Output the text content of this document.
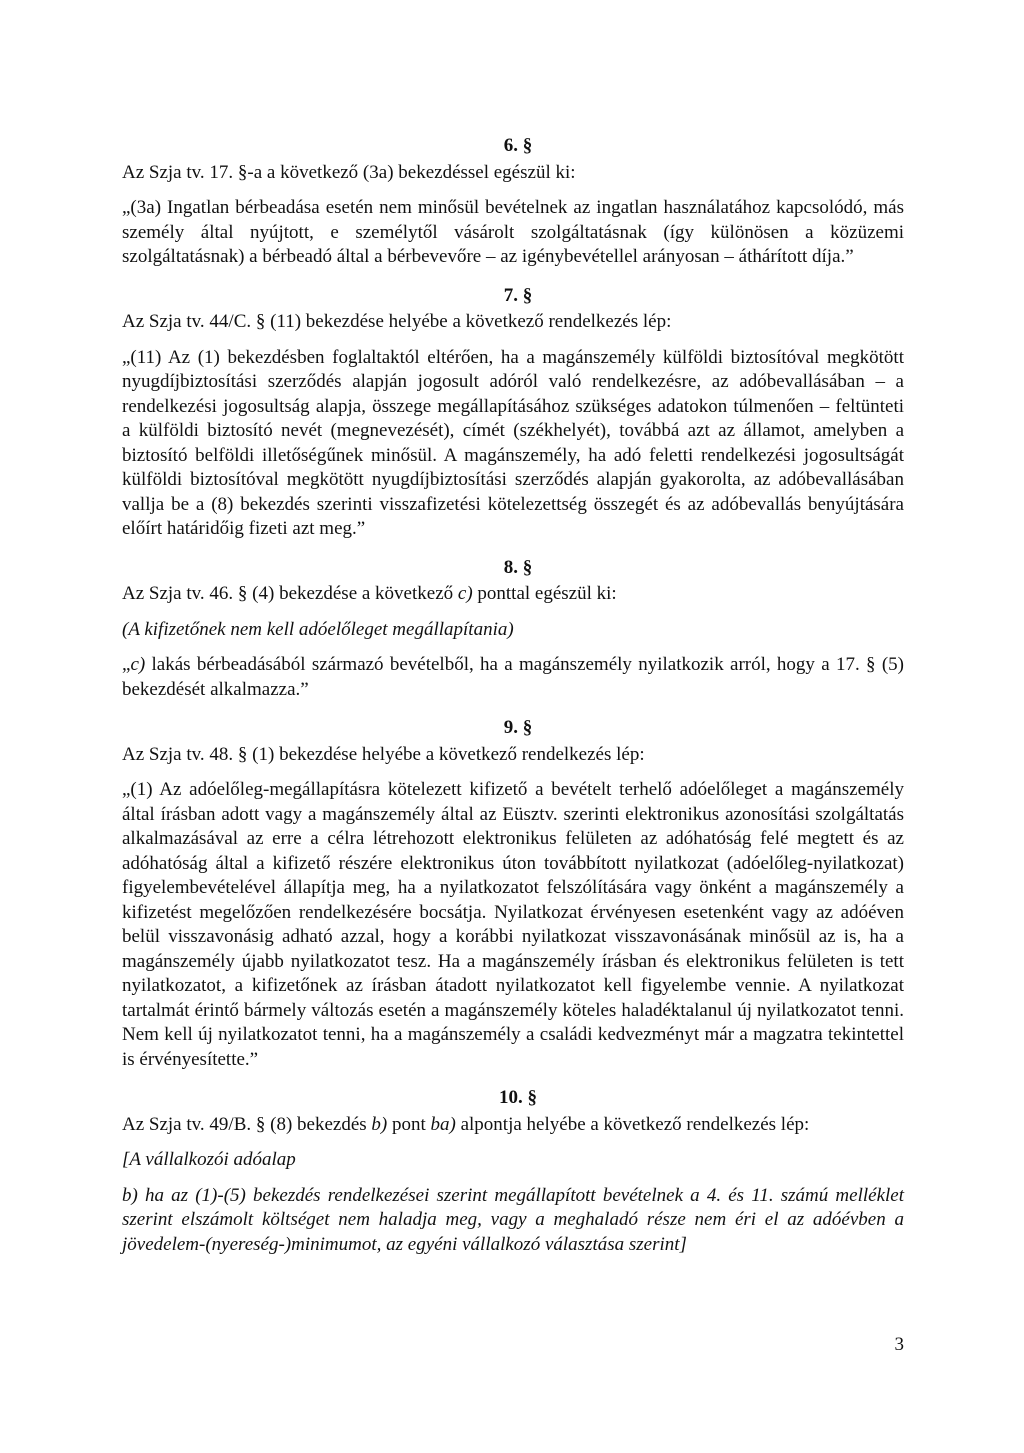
6. §

Az Szja tv. 17. §-a a következő (3a) bekezdéssel egészül ki:

„(3a) Ingatlan bérbeadása esetén nem minősül bevételnek az ingatlan használatához kapcsolódó, más személy által nyújtott, e személytől vásárolt szolgáltatásnak (így különösen a közüzemi szolgáltatásnak) a bérbeadó által a bérbevevőre – az igénybevétellel arányosan – áthárított díja.”

7. §

Az Szja tv. 44/C. § (11) bekezdése helyébe a következő rendelkezés lép:

„(11) Az (1) bekezdésben foglaltaktól eltérően, ha a magánszemély külföldi biztosítóval megkötött nyugdíjbiztosítási szerződés alapján jogosult adóról való rendelkezésre, az adóbevallásában – a rendelkezési jogosultság alapja, összege megállapításához szükséges adatokon túlmenően – feltünteti a külföldi biztosító nevét (megnevezését), címét (székhelyét), továbbá azt az államot, amelyben a biztosító belföldi illetőségűnek minősül. A magánszemély, ha adó feletti rendelkezési jogosultságát külföldi biztosítóval megkötött nyugdíjbiztosítási szerződés alapján gyakorolta, az adóbevallásában vallja be a (8) bekezdés szerinti visszafizetési kötelezettség összegét és az adóbevallás benyújtására előírt határidőig fizeti azt meg.”

8. §

Az Szja tv. 46. § (4) bekezdése a következő c) ponttal egészül ki:

(A kifizetőnek nem kell adóelőleget megállapítania)

„c) lakás bérbeadásából származó bevételből, ha a magánszemély nyilatkozik arról, hogy a 17. § (5) bekezdését alkalmazza.”

9. §

Az Szja tv. 48. § (1) bekezdése helyébe a következő rendelkezés lép:

„(1) Az adóelőleg-megállapításra kötelezett kifizető a bevételt terhelő adóelőleget a magánszemély által írásban adott vagy a magánszemély által az Eüsztv. szerinti elektronikus azonosítási szolgáltatás alkalmazásával az erre a célra létrehozott elektronikus felületen az adóhatóság felé megtett és az adóhatóság által a kifizető részére elektronikus úton továbbított nyilatkozat (adóelőleg-nyilatkozat) figyelembevételével állapítja meg, ha a nyilatkozatot felszólítására vagy önként a magánszemély a kifizetést megelőzően rendelkezésére bocsátja. Nyilatkozat érvényesen esetenként vagy az adóéven belül visszavonásig adható azzal, hogy a korábbi nyilatkozat visszavonásának minősül az is, ha a magánszemély újabb nyilatkozatot tesz. Ha a magánszemély írásban és elektronikus felületen is tett nyilatkozatot, a kifizetőnek az írásban átadott nyilatkozatot kell figyelembe vennie. A nyilatkozat tartalmát érintő bármely változás esetén a magánszemély köteles haladéktalanul új nyilatkozatot tenni. Nem kell új nyilatkozatot tenni, ha a magánszemély a családi kedvezményt már a magzatra tekintettel is érvényesítette.”

10. §

Az Szja tv. 49/B. § (8) bekezdés b) pont ba) alpontja helyébe a következő rendelkezés lép:

[A vállalkozói adóalap

b) ha az (1)-(5) bekezdés rendelkezései szerint megállapított bevételnek a 4. és 11. számú melléklet szerint elszámolt költséget nem haladja meg, vagy a meghaladó része nem éri el az adóévben a jövedelem-(nyereség-)minimumot, az egyéni vállalkozó választása szerint]

3
